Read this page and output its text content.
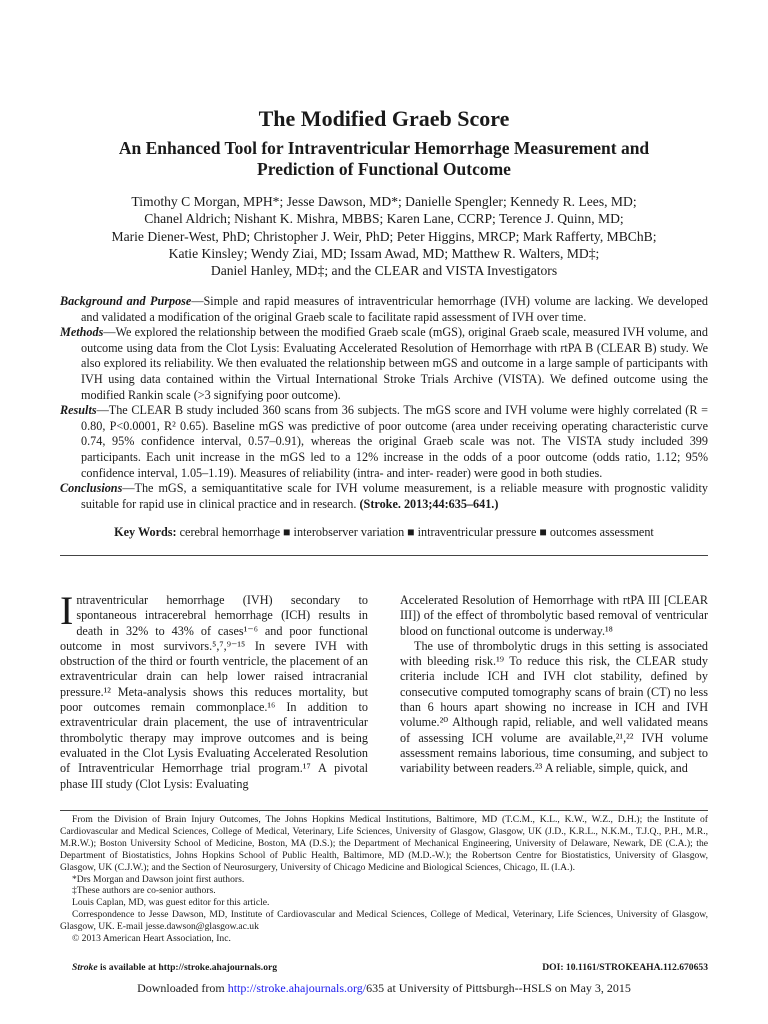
The Modified Graeb Score
An Enhanced Tool for Intraventricular Hemorrhage Measurement and
Prediction of Functional Outcome
Timothy C Morgan, MPH*; Jesse Dawson, MD*; Danielle Spengler; Kennedy R. Lees, MD;
Chanel Aldrich; Nishant K. Mishra, MBBS; Karen Lane, CCRP; Terence J. Quinn, MD;
Marie Diener-West, PhD; Christopher J. Weir, PhD; Peter Higgins, MRCP; Mark Rafferty, MBChB;
Katie Kinsley; Wendy Ziai, MD; Issam Awad, MD; Matthew R. Walters, MD‡;
Daniel Hanley, MD‡; and the CLEAR and VISTA Investigators

Background and Purpose—Simple and rapid measures of intraventricular hemorrhage (IVH) volume are lacking. We developed and validated a modification of the original Graeb scale to facilitate rapid assessment of IVH over time.

Methods—We explored the relationship between the modified Graeb scale (mGS), original Graeb scale, measured IVH volume, and outcome using data from the Clot Lysis: Evaluating Accelerated Resolution of Hemorrhage with rtPA B (CLEAR B) study. We also explored its reliability. We then evaluated the relationship between mGS and outcome in a large sample of participants with IVH using data contained within the Virtual International Stroke Trials Archive (VISTA). We defined outcome using the modified Rankin scale (>3 signifying poor outcome).

Results—The CLEAR B study included 360 scans from 36 subjects. The mGS score and IVH volume were highly correlated (R = 0.80, P<0.0001, R² 0.65). Baseline mGS was predictive of poor outcome (area under receiving operating characteristic curve 0.74, 95% confidence interval, 0.57–0.91), whereas the original Graeb scale was not. The VISTA study included 399 participants. Each unit increase in the mGS led to a 12% increase in the odds of a poor outcome (odds ratio, 1.12; 95% confidence interval, 1.05–1.19). Measures of reliability (intra- and inter- reader) were good in both studies.

Conclusions—The mGS, a semiquantitative scale for IVH volume measurement, is a reliable measure with prognostic validity suitable for rapid use in clinical practice and in research. (Stroke. 2013;44:635–641.)

Key Words: cerebral hemorrhage ■ interobserver variation ■ intraventricular pressure ■ outcomes assessment

Intraventricular hemorrhage (IVH) secondary to spontaneous intracerebral hemorrhage (ICH) results in death in 32% to 43% of cases¹⁻⁶ and poor functional outcome in most survivors.⁵,⁷,⁹⁻¹⁵ In severe IVH with obstruction of the third or fourth ventricle, the placement of an extraventricular drain can help lower raised intracranial pressure.¹² Meta-analysis shows this reduces mortality, but poor outcomes remain commonplace.¹⁶ In addition to extraventricular drain placement, the use of intraventricular thrombolytic therapy may improve outcomes and is being evaluated in the Clot Lysis Evaluating Accelerated Resolution of Intraventricular Hemorrhage trial program.¹⁷ A pivotal phase III study (Clot Lysis: Evaluating

Accelerated Resolution of Hemorrhage with rtPA III [CLEAR III]) of the effect of thrombolytic based removal of ventricular blood on functional outcome is underway.¹⁸

The use of thrombolytic drugs in this setting is associated with bleeding risk.¹⁹ To reduce this risk, the CLEAR study criteria include ICH and IVH clot stability, defined by consecutive computed tomography scans of brain (CT) no less than 6 hours apart showing no increase in ICH and IVH volume.²⁰ Although rapid, reliable, and well validated means of assessing ICH volume are available,²¹,²² IVH volume assessment remains laborious, time consuming, and subject to variability between readers.²³ A reliable, simple, quick, and

From the Division of Brain Injury Outcomes, The Johns Hopkins Medical Institutions, Baltimore, MD (T.C.M., K.L., K.W., W.Z., D.H.); the Institute of Cardiovascular and Medical Sciences, College of Medical, Veterinary, Life Sciences, University of Glasgow, Glasgow, UK (J.D., K.R.L., N.K.M., T.J.Q., P.H., M.R., M.R.W.); Boston University School of Medicine, Boston, MA (D.S.); the Department of Mechanical Engineering, University of Delaware, Newark, DE (C.A.); the Department of Biostatistics, Johns Hopkins School of Public Health, Baltimore, MD (M.D.-W.); the Robertson Centre for Biostatistics, University of Glasgow, Glasgow, UK (C.J.W.); and the Section of Neurosurgery, University of Chicago Medicine and Biological Sciences, Chicago, IL (I.A.).

*Drs Morgan and Dawson joint first authors.

‡These authors are co-senior authors.

Louis Caplan, MD, was guest editor for this article.

Correspondence to Jesse Dawson, MD, Institute of Cardiovascular and Medical Sciences, College of Medical, Veterinary, Life Sciences, University of Glasgow, Glasgow, UK. E-mail jesse.dawson@glasgow.ac.uk

© 2013 American Heart Association, Inc.

Stroke is available at http://stroke.ahajournals.org	DOI: 10.1161/STROKEAHA.112.670653
Downloaded from http://stroke.ahajournals.org/635 at University of Pittsburgh--HSLS on May 3, 2015
